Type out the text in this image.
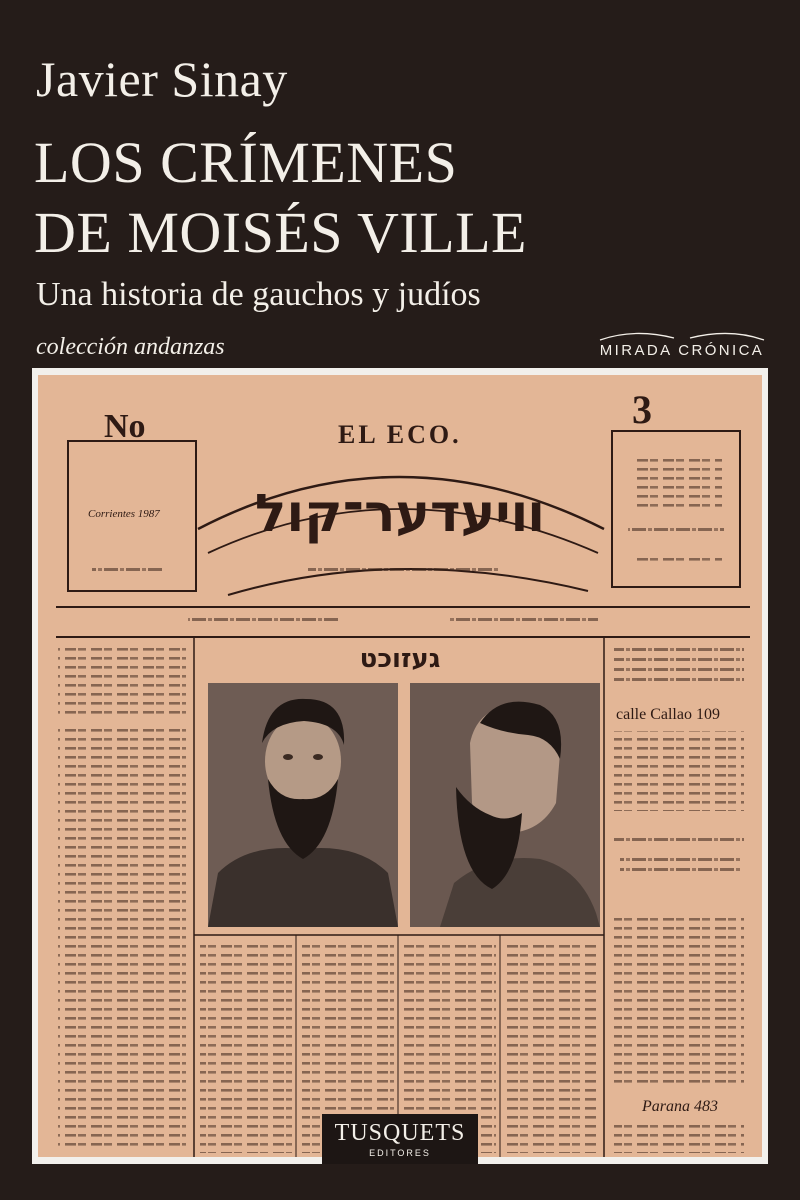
Javier Sinay
LOS CRÍMENES
DE MOISÉS VILLE
Una historia de gauchos y judíos
colección andanzas	MIRADA CRÓNICA
No	3
EL ECO.
Corrientes 1987 װיעדער־קול
געזוכט
calle Callao 109
Parana 483
TUSQUETS
EDITORES
